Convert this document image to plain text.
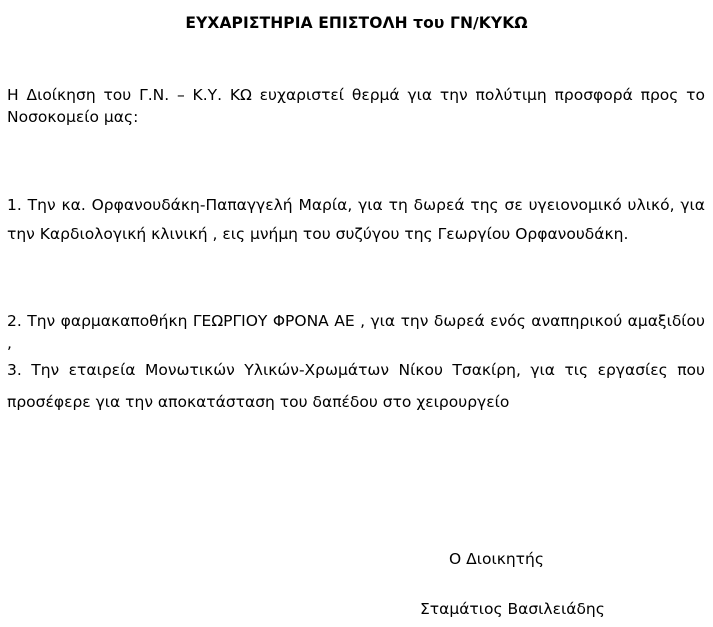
ΕΥΧΑΡΙΣΤΗΡΙΑ ΕΠΙΣΤΟΛΗ του ΓΝ/ΚΥΚΩ
Η Διοίκηση του Γ.Ν. – Κ.Υ. ΚΩ ευχαριστεί θερμά για την πολύτιμη προσφορά προς το Νοσοκομείο μας:
1. Την κα. Ορφανουδάκη-Παπαγγελή Μαρία, για τη δωρεά της σε υγειονομικό υλικό, για την Καρδιολογική κλινική , εις μνήμη του συζύγου της Γεωργίου Ορφανουδάκη.
2. Την φαρμακαποθήκη ΓΕΩΡΓΙΟΥ ΦΡΟΝΑ ΑΕ , για την δωρεά ενός αναπηρικού αμαξιδίου ,
3. Την εταιρεία Μονωτικών Υλικών-Χρωμάτων Νίκου Τσακίρη, για τις εργασίες που προσέφερε για την αποκατάσταση του δαπέδου στο χειρουργείο
Ο Διοικητής
Σταμάτιος Βασιλειάδης
